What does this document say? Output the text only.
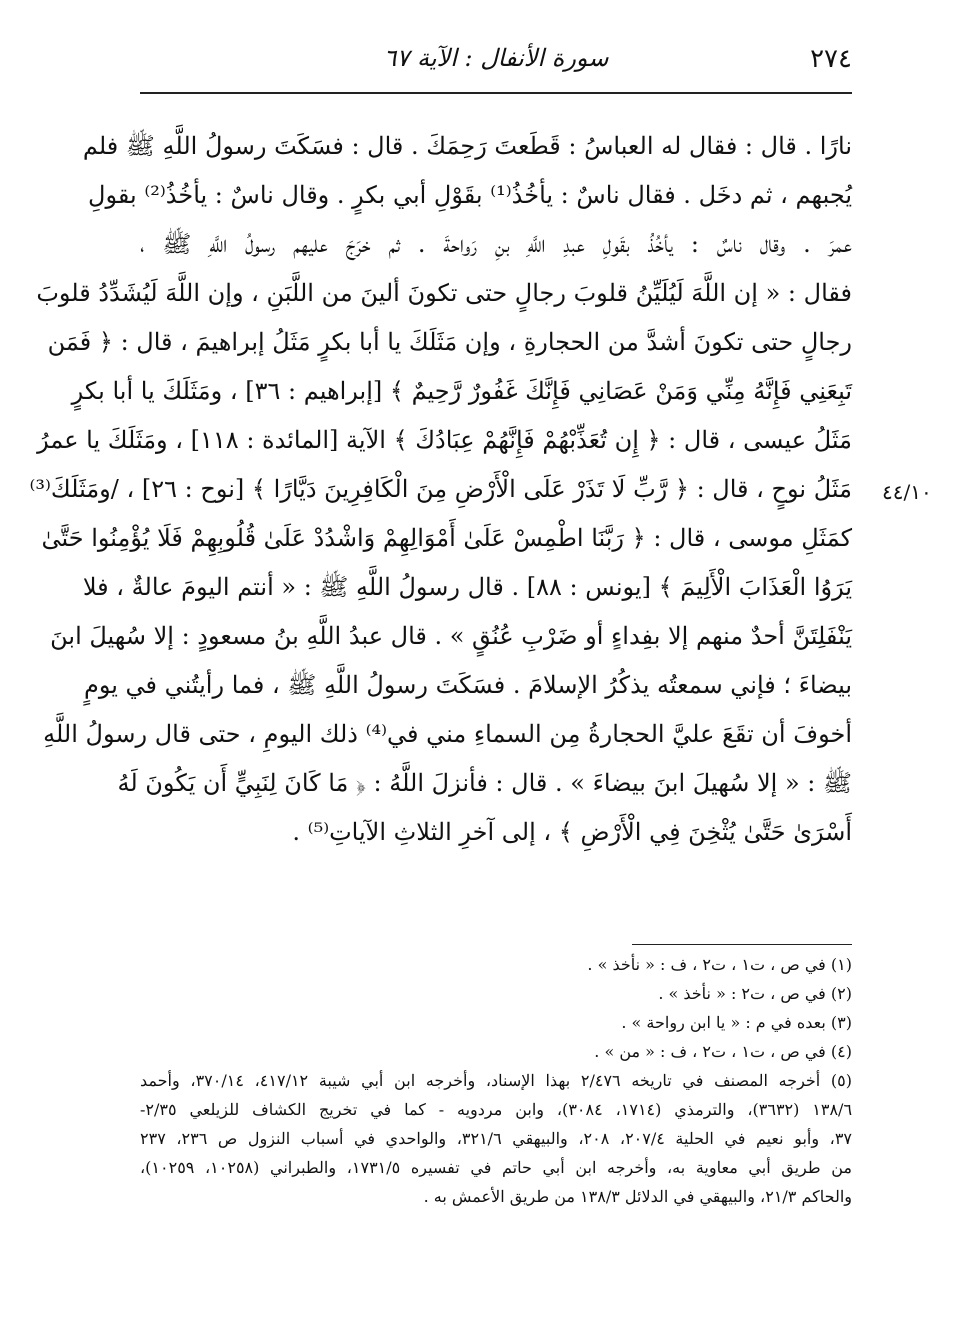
٢٧٤
سورة الأنفال : الآية ٦٧
٤٤/١٠
نارًا . قال : فقال له العباسُ : قَطَعتَ رَحِمَكَ . قال : فسَكَتَ رسولُ اللَّهِ ﷺ فلم
يُجبهم ، ثم دخَل . فقال ناسٌ : يأخُذُ⁽¹⁾ بقَوْلِ أبي بكرٍ . وقال ناسٌ : يأخُذُ⁽²⁾ بقولِ
عمرَ . وقال ناسٌ : يأخُذُ بقَولِ عبدِ اللَّهِ بنِ رَواحةَ . ثم خرَجَ عليهم رسولُ اللَّهِ ﷺ ،
فقال : « إن اللَّهَ لَيُلَيِّنُ قلوبَ رجالٍ حتى تكونَ ألينَ من اللَّبَنِ ، وإن اللَّهَ لَيُشَدِّدُ قلوبَ
رجالٍ حتى تكونَ أشدَّ من الحجارةِ ، وإن مَثَلَكَ يا أبا بكرٍ مَثَلُ إبراهيمَ ، قال : ﴿ فَمَن
تَبِعَنِي فَإِنَّهُ مِنِّي وَمَنْ عَصَانِي فَإِنَّكَ غَفُورٌ رَّحِيمٌ ﴾ [إبراهيم : ٣٦] ، ومَثَلَكَ يا أبا بكرٍ
مَثَلُ عيسى ، قال : ﴿ إِن تُعَذِّبْهُمْ فَإِنَّهُمْ عِبَادُكَ ﴾ الآية [المائدة : ١١٨] ، ومَثَلَكَ يا عمرُ
مَثَلُ نوحٍ ، قال : ﴿ رَّبِّ لَا تَذَرْ عَلَى الْأَرْضِ مِنَ الْكَافِرِينَ دَيَّارًا ﴾ [نوح : ٢٦] ، /ومَثَلَكَ⁽³⁾
كمَثَلِ موسى ، قال : ﴿ رَبَّنَا اطْمِسْ عَلَىٰ أَمْوَالِهِمْ وَاشْدُدْ عَلَىٰ قُلُوبِهِمْ فَلَا يُؤْمِنُوا حَتَّىٰ
يَرَوُا الْعَذَابَ الْأَلِيمَ ﴾ [يونس : ٨٨] . قال رسولُ اللَّهِ ﷺ : « أنتم اليومَ عالةٌ ، فلا
يَنْفَلِتَنَّ أحدٌ منهم إلا بفِداءٍ أو ضَرْبِ عُنُقٍ » . قال عبدُ اللَّهِ بنُ مسعودٍ : إلا سُهيلَ ابنَ
بيضاءَ ؛ فإني سمعتُه يذكُرُ الإسلامَ . فسَكَتَ رسولُ اللَّهِ ﷺ ، فما رأيتُني في يومٍ
أخوفَ أن تقَعَ عليَّ الحجارةُ مِن السماءِ مني في⁽⁴⁾ ذلك اليومِ ، حتى قال رسولُ اللَّهِ
ﷺ : « إلا سُهيلَ ابنَ بيضاءَ » . قال : فأنزلَ اللَّهُ : ﴿ مَا كَانَ لِنَبِيٍّ أَن يَكُونَ لَهُ
أَسْرَىٰ حَتَّىٰ يُثْخِنَ فِي الْأَرْضِ ﴾ ، إلى آخرِ الثلاثِ الآياتِ⁽⁵⁾ .
(١) في ص ، ت١ ، ت٢ ، ف : « نأخذ » .
(٢) في ص ، ت٢ : « نأخذ » .
(٣) بعده في م : « يا ابن رواحة » .
(٤) في ص ، ت١ ، ت٢ ، ف : « من » .
(٥) أخرجه المصنف في تاريخه ٢/٤٧٦ بهذا الإسناد، وأخرجه ابن أبي شيبة ٤١٧/١٢، ٣٧٠/١٤، وأحمد
١٣٨/٦ (٣٦٣٢)، والترمذي (١٧١٤، ٣٠٨٤)، وابن مردويه - كما في تخريج الكشاف للزيلعي ٢/٣٥-
٣٧، وأبو نعيم في الحلية ٢٠٧/٤، ٢٠٨، والبيهقي ٣٢١/٦، والواحدي في أسباب النزول ص ٢٣٦، ٢٣٧
من طريق أبي معاوية به، وأخرجه ابن أبي حاتم في تفسيره ١٧٣١/٥، والطبراني (١٠٢٥٨، ١٠٢٥٩)،
والحاكم ٢١/٣، والبيهقي في الدلائل ١٣٨/٣ من طريق الأعمش به .
